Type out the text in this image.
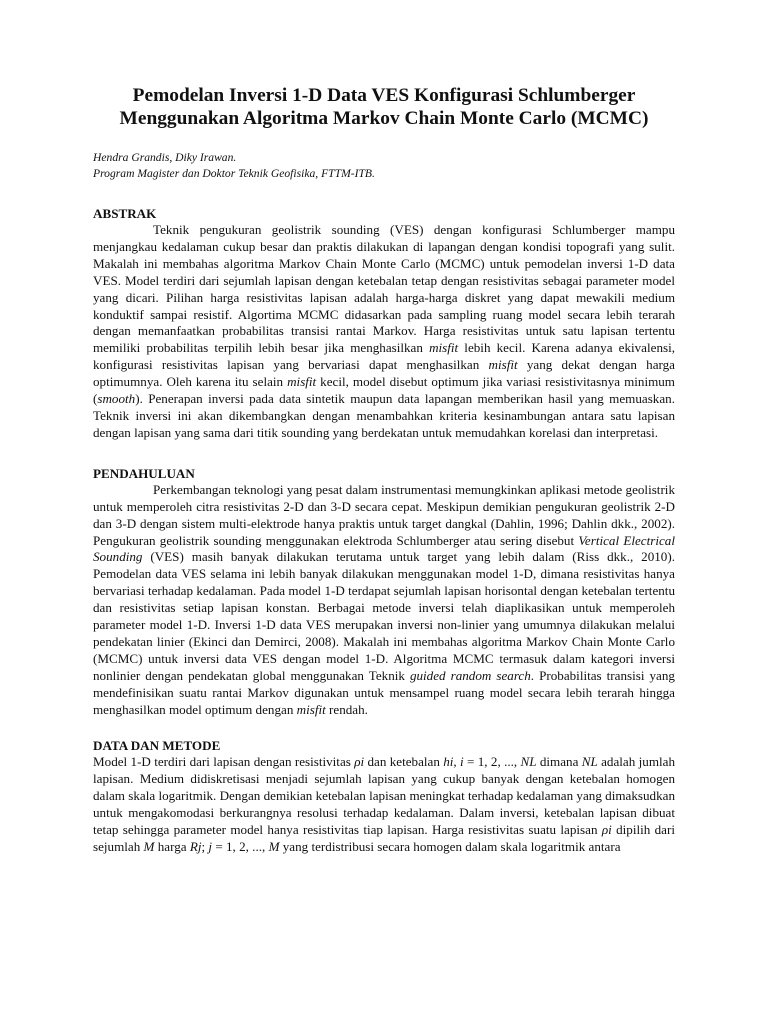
Pemodelan Inversi 1-D Data VES Konfigurasi Schlumberger
Menggunakan Algoritma Markov Chain Monte Carlo (MCMC)
Hendra Grandis, Diky Irawan.
Program Magister dan Doktor Teknik Geofisika, FTTM-ITB.
ABSTRAK

Teknik pengukuran geolistrik sounding (VES) dengan konfigurasi Schlumberger mampu menjangkau kedalaman cukup besar dan praktis dilakukan di lapangan dengan kondisi topografi yang sulit. Makalah ini membahas algoritma Markov Chain Monte Carlo (MCMC) untuk pemodelan inversi 1-D data VES. Model terdiri dari sejumlah lapisan dengan ketebalan tetap dengan resistivitas sebagai parameter model yang dicari. Pilihan harga resistivitas lapisan adalah harga-harga diskret yang dapat mewakili medium konduktif sampai resistif. Algortima MCMC didasarkan pada sampling ruang model secara lebih terarah dengan memanfaatkan probabilitas transisi rantai Markov. Harga resistivitas untuk satu lapisan tertentu memiliki probabilitas terpilih lebih besar jika menghasilkan misfit lebih kecil. Karena adanya ekivalensi, konfigurasi resistivitas lapisan yang bervariasi dapat menghasilkan misfit yang dekat dengan harga optimumnya. Oleh karena itu selain misfit kecil, model disebut optimum jika variasi resistivitasnya minimum (smooth). Penerapan inversi pada data sintetik maupun data lapangan memberikan hasil yang memuaskan. Teknik inversi ini akan dikembangkan dengan menambahkan kriteria kesinambungan antara satu lapisan dengan lapisan yang sama dari titik sounding yang berdekatan untuk memudahkan korelasi dan interpretasi.

PENDAHULUAN

Perkembangan teknologi yang pesat dalam instrumentasi memungkinkan aplikasi metode geolistrik untuk memperoleh citra resistivitas 2-D dan 3-D secara cepat. Meskipun demikian pengukuran geolistrik 2-D dan 3-D dengan sistem multi-elektrode hanya praktis untuk target dangkal (Dahlin, 1996; Dahlin dkk., 2002). Pengukuran geolistrik sounding menggunakan elektroda Schlumberger atau sering disebut Vertical Electrical Sounding (VES) masih banyak dilakukan terutama untuk target yang lebih dalam (Riss dkk., 2010). Pemodelan data VES selama ini lebih banyak dilakukan menggunakan model 1-D, dimana resistivitas hanya bervariasi terhadap kedalaman. Pada model 1-D terdapat sejumlah lapisan horisontal dengan ketebalan tertentu dan resistivitas setiap lapisan konstan. Berbagai metode inversi telah diaplikasikan untuk memperoleh parameter model 1-D. Inversi 1-D data VES merupakan inversi non-linier yang umumnya dilakukan melalui pendekatan linier (Ekinci dan Demirci, 2008). Makalah ini membahas algoritma Markov Chain Monte Carlo (MCMC) untuk inversi data VES dengan model 1-D. Algoritma MCMC termasuk dalam kategori inversi nonlinier dengan pendekatan global menggunakan Teknik guided random search. Probabilitas transisi yang mendefinisikan suatu rantai Markov digunakan untuk mensampel ruang model secara lebih terarah hingga menghasilkan model optimum dengan misfit rendah.

DATA DAN METODE

Model 1-D terdiri dari lapisan dengan resistivitas ρi dan ketebalan hi, i = 1, 2, ..., NL dimana NL adalah jumlah lapisan. Medium didiskretisasi menjadi sejumlah lapisan yang cukup banyak dengan ketebalan homogen dalam skala logaritmik. Dengan demikian ketebalan lapisan meningkat terhadap kedalaman yang dimaksudkan untuk mengakomodasi berkurangnya resolusi terhadap kedalaman. Dalam inversi, ketebalan lapisan dibuat tetap sehingga parameter model hanya resistivitas tiap lapisan. Harga resistivitas suatu lapisan ρi dipilih dari sejumlah M harga Rj; j = 1, 2, ..., M yang terdistribusi secara homogen dalam skala logaritmik antara
